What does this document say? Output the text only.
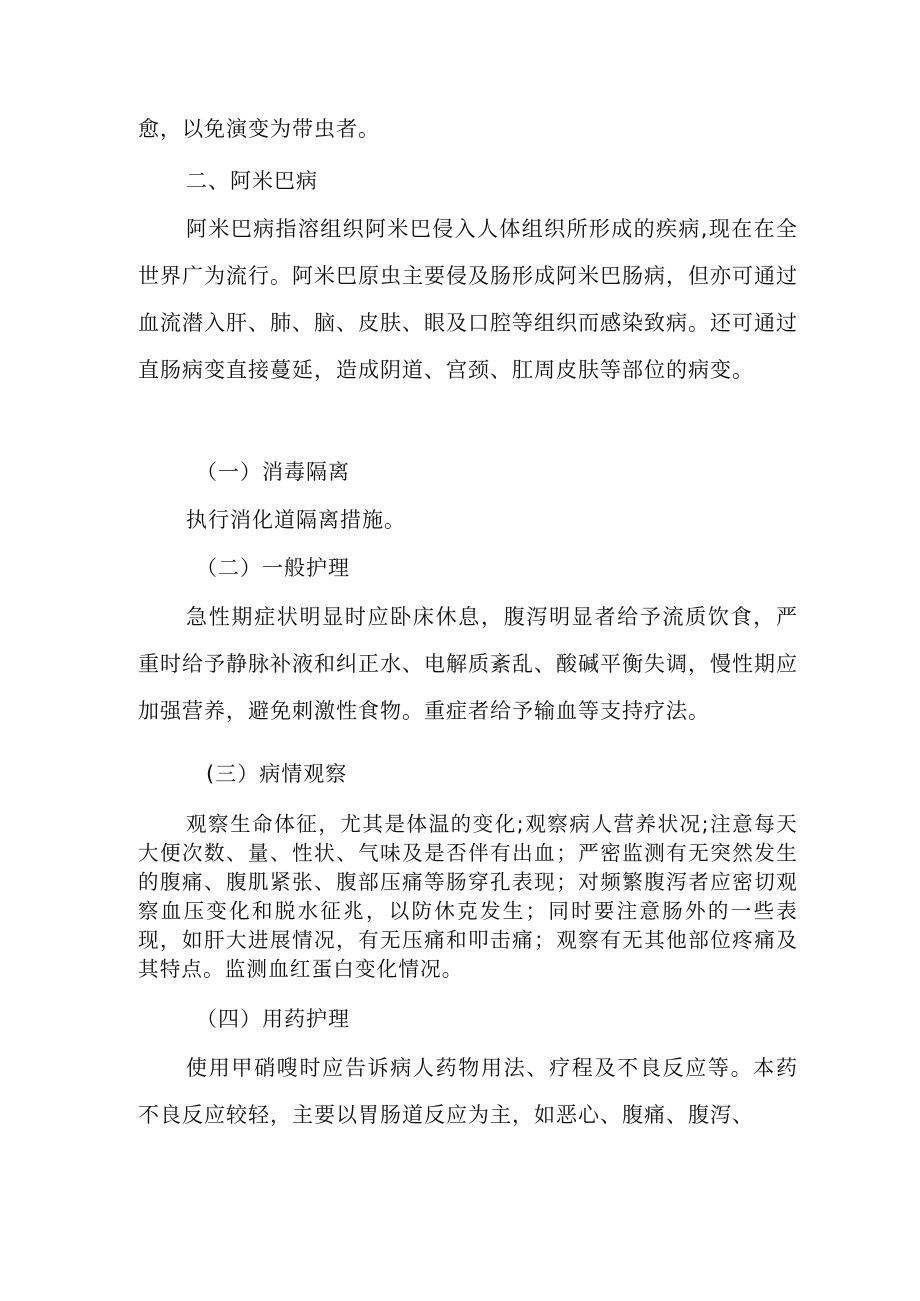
愈，以免演变为带虫者。

二、阿米巴病

阿米巴病指溶组织阿米巴侵入人体组织所形成的疾病,现在在全世界广为流行。阿米巴原虫主要侵及肠形成阿米巴肠病，但亦可通过血流潜入肝、肺、脑、皮肤、眼及口腔等组织而感染致病。还可通过直肠病变直接蔓延，造成阴道、宫颈、肛周皮肤等部位的病变。

（一）消毒隔离

执行消化道隔离措施。

（二）一般护理

急性期症状明显时应卧床休息，腹泻明显者给予流质饮食，严重时给予静脉补液和纠正水、电解质紊乱、酸碱平衡失调，慢性期应加强营养，避免刺激性食物。重症者给予输血等支持疗法。

(三）病情观察

观察生命体征，尤其是体温的变化;观察病人营养状况;注意每天大便次数、量、性状、气味及是否伴有出血；严密监测有无突然发生的腹痛、腹肌紧张、腹部压痛等肠穿孔表现；对频繁腹泻者应密切观察血压变化和脱水征兆，以防休克发生；同时要注意肠外的一些表现，如肝大进展情况，有无压痛和叩击痛；观察有无其他部位疼痛及其特点。监测血红蛋白变化情况。

（四）用药护理

使用甲硝嗖时应告诉病人药物用法、疗程及不良反应等。本药不良反应较轻，主要以胃肠道反应为主，如恶心、腹痛、腹泻、
